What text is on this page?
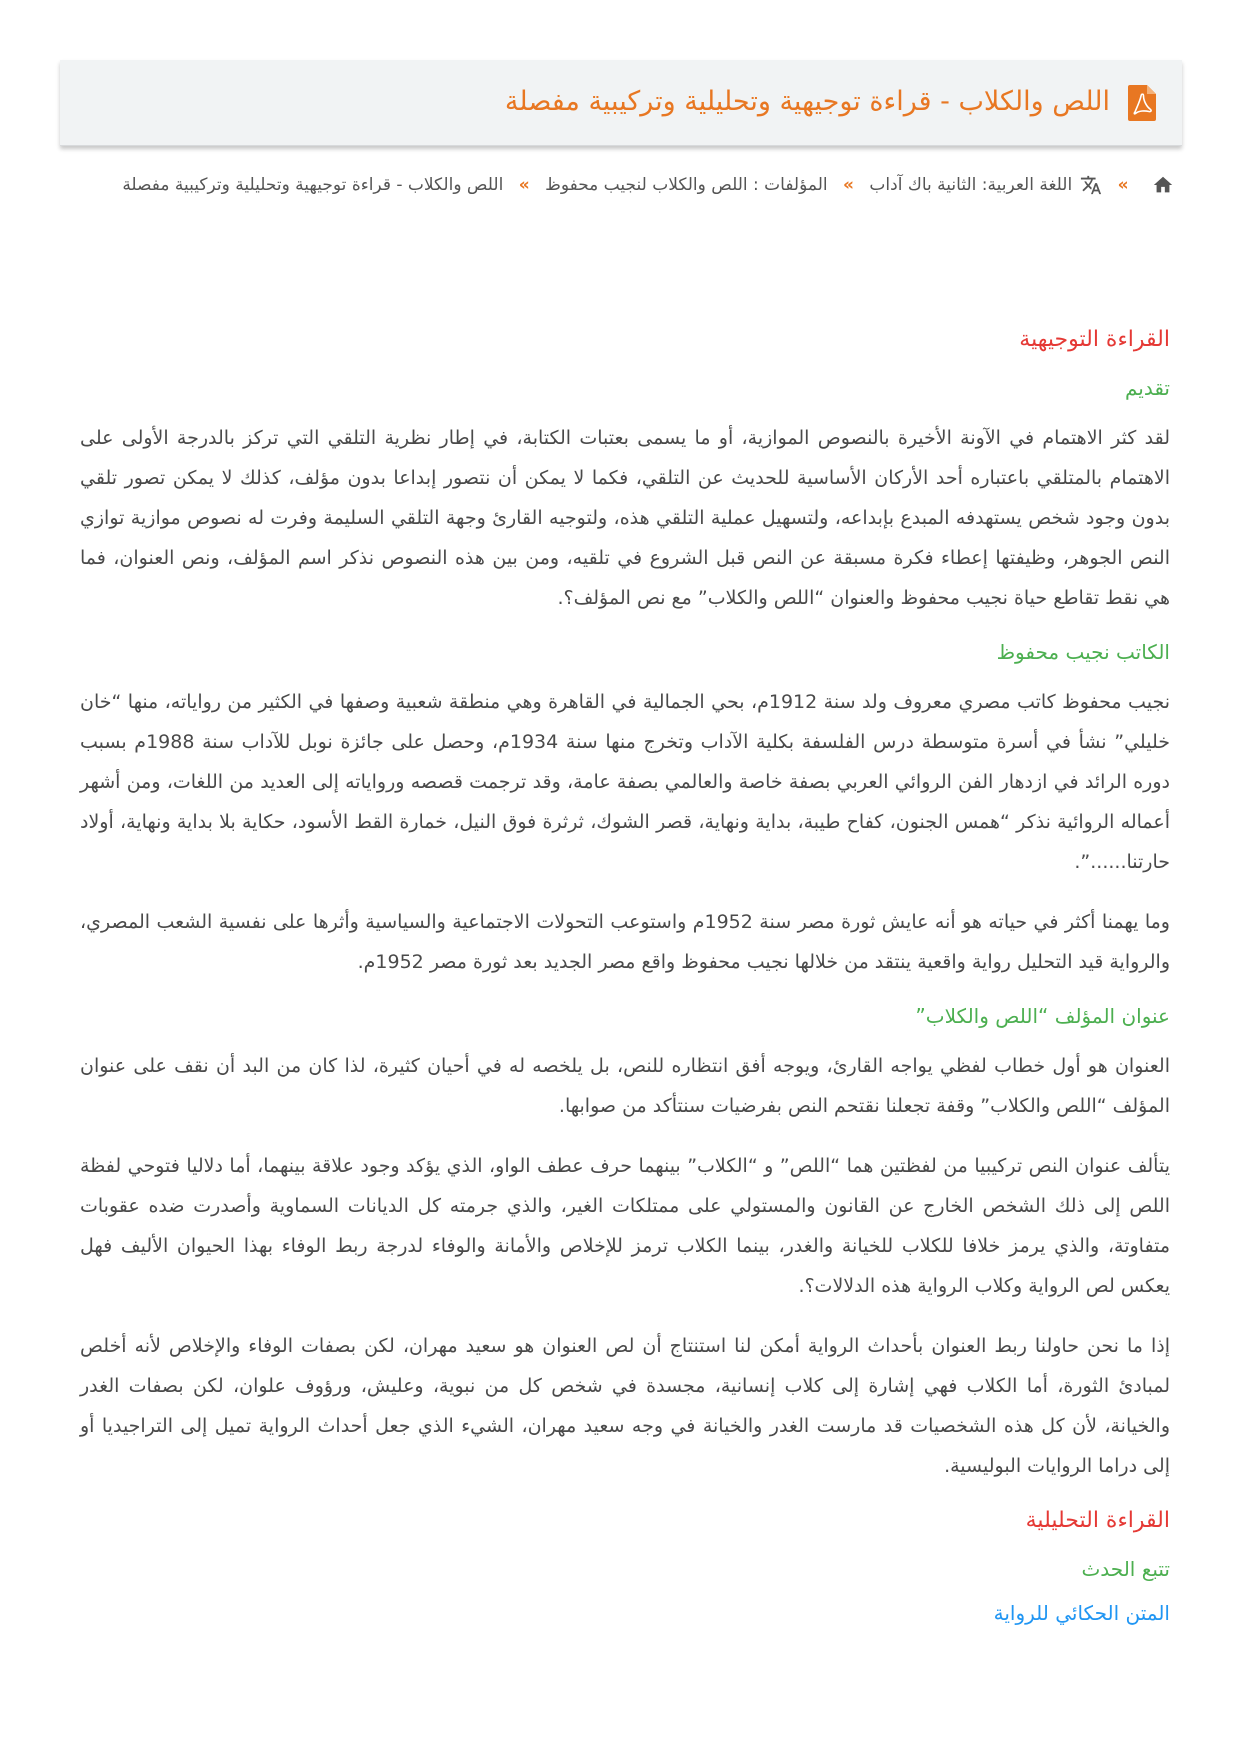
اللص والكلاب - قراءة توجيهية وتحليلية وتركيبية مفصلة
» اللغة العربية: الثانية باك آداب » المؤلفات : اللص والكلاب لنجيب محفوظ » اللص والكلاب - قراءة توجيهية وتحليلية وتركيبية مفصلة
القراءة التوجيهية
تقديم

لقد كثر الاهتمام في الآونة الأخيرة بالنصوص الموازية، أو ما يسمى بعتبات الكتابة، في إطار نظرية التلقي التي تركز بالدرجة الأولى على الاهتمام بالمتلقي باعتباره أحد الأركان الأساسية للحديث عن التلقي، فكما لا يمكن أن نتصور إبداعا بدون مؤلف، كذلك لا يمكن تصور تلقي بدون وجود شخص يستهدفه المبدع بإبداعه، ولتسهيل عملية التلقي هذه، ولتوجيه القارئ وجهة التلقي السليمة وفرت له نصوص موازية توازي النص الجوهر، وظيفتها إعطاء فكرة مسبقة عن النص قبل الشروع في تلقيه، ومن بين هذه النصوص نذكر اسم المؤلف، ونص العنوان، فما هي نقط تقاطع حياة نجيب محفوظ والعنوان “اللص والكلاب” مع نص المؤلف؟.

الكاتب نجيب محفوظ

نجيب محفوظ كاتب مصري معروف ولد سنة 1912م، بحي الجمالية في القاهرة وهي منطقة شعبية وصفها في الكثير من رواياته، منها “خان خليلي” نشأ في أسرة متوسطة درس الفلسفة بكلية الآداب وتخرج منها سنة 1934م، وحصل على جائزة نوبل للآداب سنة 1988م بسبب دوره الرائد في ازدهار الفن الروائي العربي بصفة خاصة والعالمي بصفة عامة، وقد ترجمت قصصه ورواياته إلى العديد من اللغات، ومن أشهر أعماله الروائية نذكر “همس الجنون، كفاح طيبة، بداية ونهاية، قصر الشوك، ثرثرة فوق النيل، خمارة القط الأسود، حكاية بلا بداية ونهاية، أولاد حارتنا......”.

وما يهمنا أكثر في حياته هو أنه عايش ثورة مصر سنة 1952م واستوعب التحولات الاجتماعية والسياسية وأثرها على نفسية الشعب المصري، والرواية قيد التحليل رواية واقعية ينتقد من خلالها نجيب محفوظ واقع مصر الجديد بعد ثورة مصر 1952م.

عنوان المؤلف “اللص والكلاب”

العنوان هو أول خطاب لفظي يواجه القارئ، ويوجه أفق انتظاره للنص، بل يلخصه له في أحيان كثيرة، لذا كان من البد أن نقف على عنوان المؤلف “اللص والكلاب” وقفة تجعلنا نقتحم النص بفرضيات سنتأكد من صوابها.

يتألف عنوان النص تركيبيا من لفظتين هما “اللص” و “الكلاب” بينهما حرف عطف الواو، الذي يؤكد وجود علاقة بينهما، أما دلاليا فتوحي لفظة اللص إلى ذلك الشخص الخارج عن القانون والمستولي على ممتلكات الغير، والذي جرمته كل الديانات السماوية وأصدرت ضده عقوبات متفاوتة، والذي يرمز خلافا للكلاب للخيانة والغدر، بينما الكلاب ترمز للإخلاص والأمانة والوفاء لدرجة ربط الوفاء بهذا الحيوان الأليف فهل يعكس لص الرواية وكلاب الرواية هذه الدلالات؟.

إذا ما نحن حاولنا ربط العنوان بأحداث الرواية أمكن لنا استنتاج أن لص العنوان هو سعيد مهران، لكن بصفات الوفاء والإخلاص لأنه أخلص لمبادئ الثورة، أما الكلاب فهي إشارة إلى كلاب إنسانية، مجسدة في شخص كل من نبوية، وعليش، ورؤوف علوان، لكن بصفات الغدر والخيانة، لأن كل هذه الشخصيات قد مارست الغدر والخيانة في وجه سعيد مهران، الشيء الذي جعل أحداث الرواية تميل إلى التراجيديا أو إلى دراما الروايات البوليسية.

القراءة التحليلية
تتبع الحدث
المتن الحكائي للرواية
